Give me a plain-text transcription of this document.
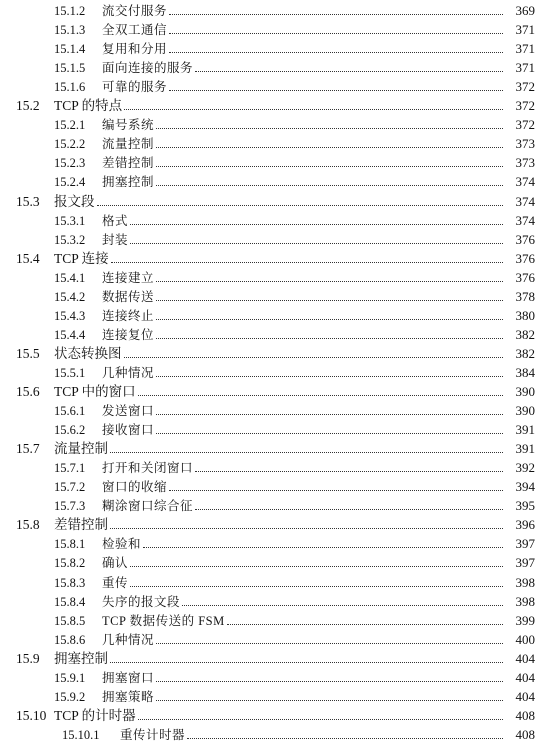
15.1.2	流交付服务	369
15.1.3	全双工通信	371
15.1.4	复用和分用	371
15.1.5	面向连接的服务	371
15.1.6	可靠的服务	372
15.2	TCP 的特点	372
15.2.1	编号系统	372
15.2.2	流量控制	373
15.2.3	差错控制	373
15.2.4	拥塞控制	374
15.3	报文段	374
15.3.1	格式	374
15.3.2	封装	376
15.4	TCP 连接	376
15.4.1	连接建立	376
15.4.2	数据传送	378
15.4.3	连接终止	380
15.4.4	连接复位	382
15.5	状态转换图	382
15.5.1	几种情况	384
15.6	TCP 中的窗口	390
15.6.1	发送窗口	390
15.6.2	接收窗口	391
15.7	流量控制	391
15.7.1	打开和关闭窗口	392
15.7.2	窗口的收缩	394
15.7.3	糊涂窗口综合征	395
15.8	差错控制	396
15.8.1	检验和	397
15.8.2	确认	397
15.8.3	重传	398
15.8.4	失序的报文段	398
15.8.5	TCP 数据传送的 FSM	399
15.8.6	几种情况	400
15.9	拥塞控制	404
15.9.1	拥塞窗口	404
15.9.2	拥塞策略	404
15.10 TCP 的计时器	408
15.10.1	重传计时器	408
